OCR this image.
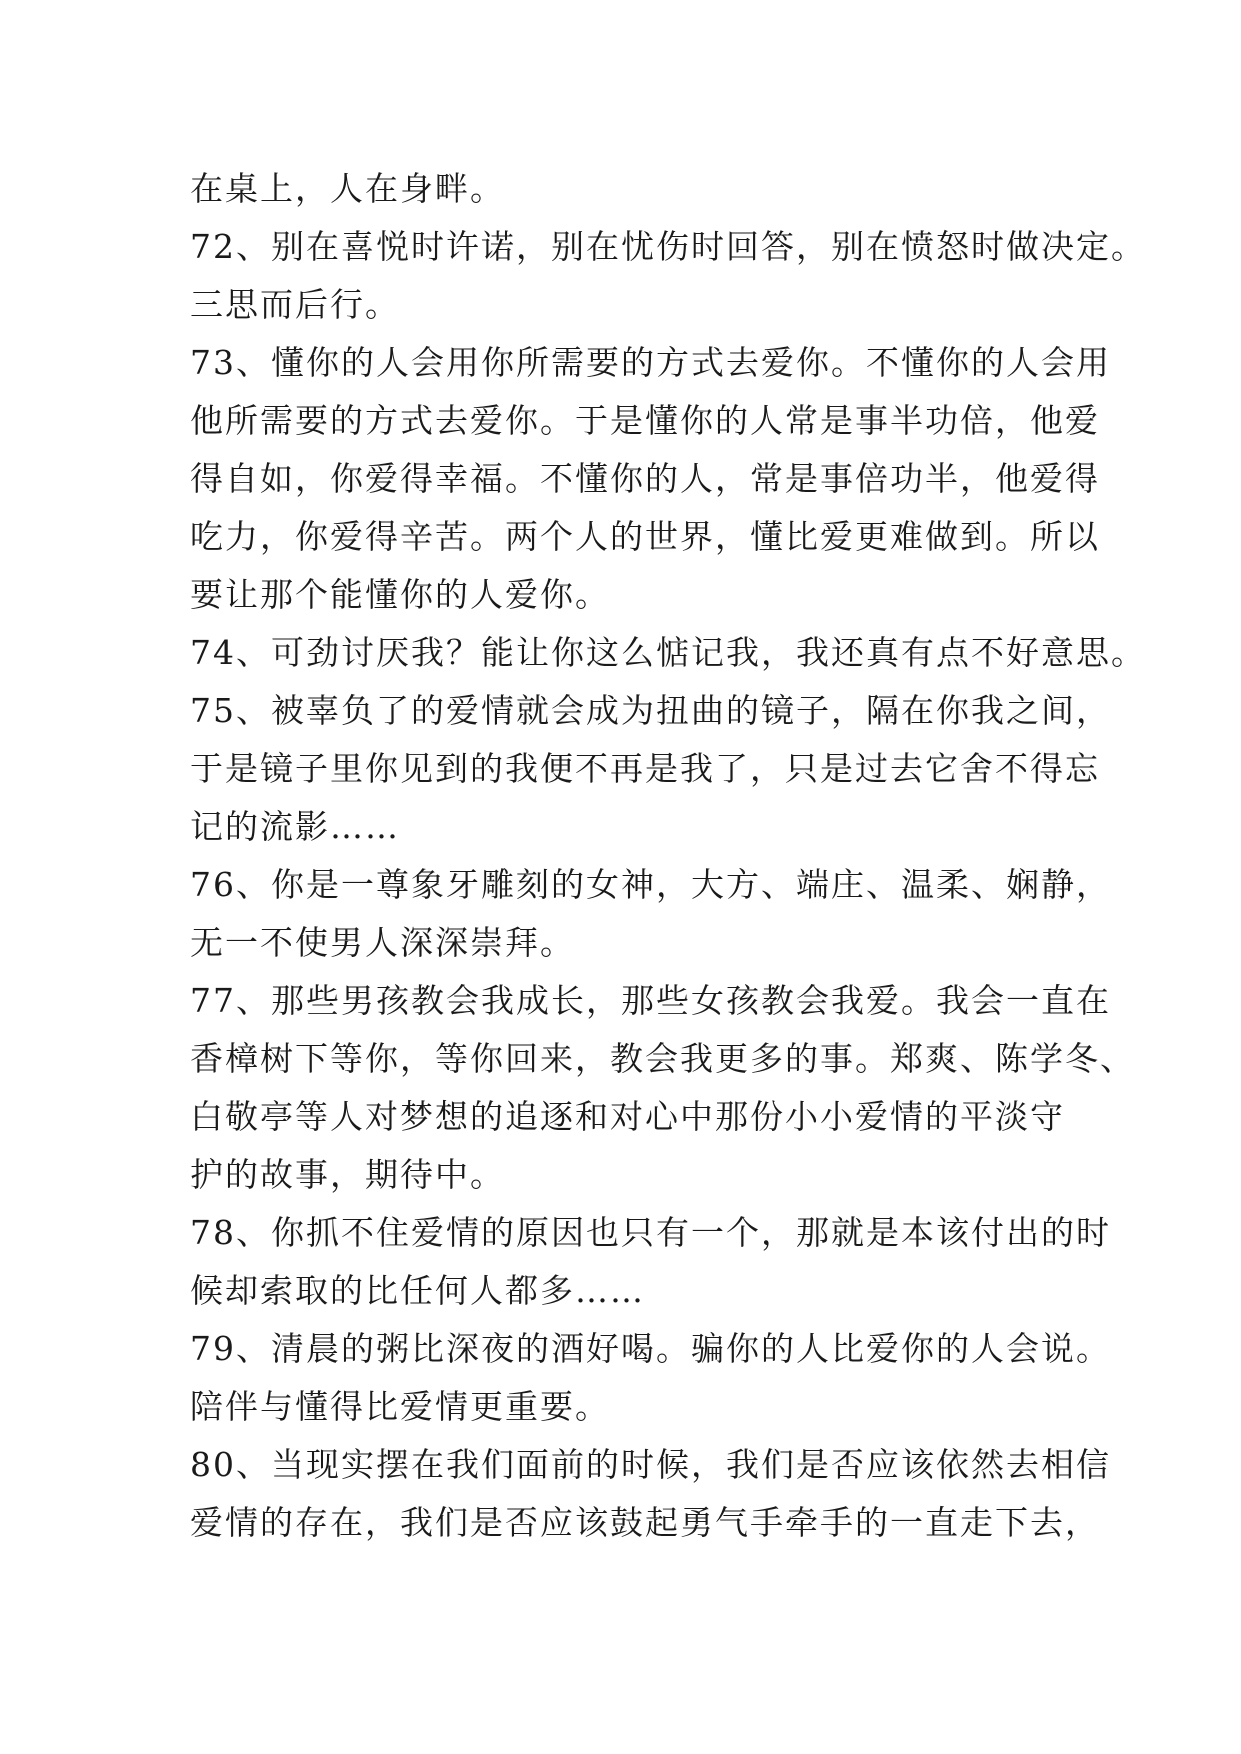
在桌上，人在身畔。
72、别在喜悦时许诺，别在忧伤时回答，别在愤怒时做决定。
三思而后行。
73、懂你的人会用你所需要的方式去爱你。不懂你的人会用
他所需要的方式去爱你。于是懂你的人常是事半功倍，他爱
得自如，你爱得幸福。不懂你的人，常是事倍功半，他爱得
吃力，你爱得辛苦。两个人的世界，懂比爱更难做到。所以
要让那个能懂你的人爱你。
74、可劲讨厌我？能让你这么惦记我，我还真有点不好意思。
75、被辜负了的爱情就会成为扭曲的镜子，隔在你我之间，
于是镜子里你见到的我便不再是我了，只是过去它舍不得忘
记的流影……
76、你是一尊象牙雕刻的女神，大方、端庄、温柔、娴静，
无一不使男人深深崇拜。
77、那些男孩教会我成长，那些女孩教会我爱。我会一直在
香樟树下等你，等你回来，教会我更多的事。郑爽、陈学冬、
白敬亭等人对梦想的追逐和对心中那份小小爱情的平淡守
护的故事，期待中。
78、你抓不住爱情的原因也只有一个，那就是本该付出的时
候却索取的比任何人都多……
79、清晨的粥比深夜的酒好喝。骗你的人比爱你的人会说。
陪伴与懂得比爱情更重要。
80、当现实摆在我们面前的时候，我们是否应该依然去相信
爱情的存在，我们是否应该鼓起勇气手牵手的一直走下去，
